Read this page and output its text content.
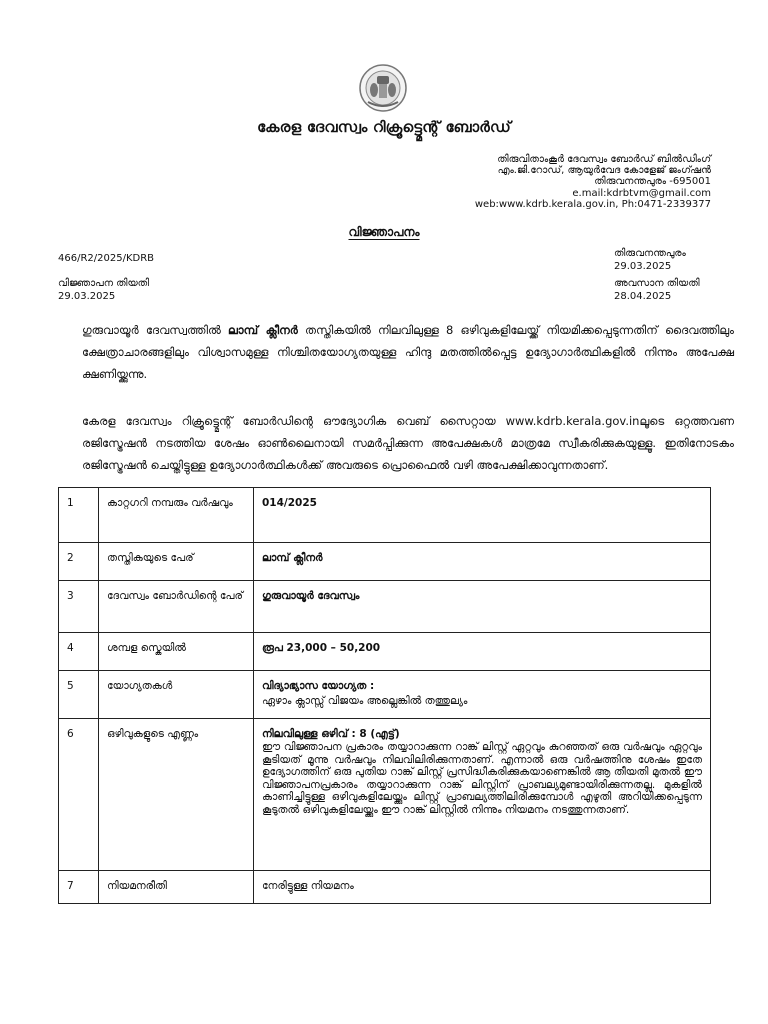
കേരള ദേവസ്വം റിക്രൂട്ട്മെന്റ് ബോർഡ്
തിരുവിതാംകൂർ ദേവസ്വം ബോർഡ് ബിൽഡിംഗ്
എം.ജി.റോഡ്, ആയുർവേദ കോളേജ് ജംഗ്ഷൻ
തിരുവനന്തപുരം -695001
e.mail:kdrbtvm@gmail.com
web:www.kdrb.kerala.gov.in, Ph:0471-2339377
വിജ്ഞാപനം
466/R2/2025/KDRB
വിജ്ഞാപന തിയതി
29.03.2025
തിരുവനന്തപുരം
29.03.2025
അവസാന തിയതി
28.04.2025
ഗുരുവായൂർ ദേവസ്വത്തിൽ ലാമ്പ് ക്ലീനർ തസ്തികയിൽ നിലവിലുള്ള 8 ഒഴിവുകളിലേയ്ക്ക് നിയമിക്കപ്പെടുന്നതിന് ദൈവത്തിലും ക്ഷേത്രാചാരങ്ങളിലും വിശ്വാസമുള്ള നിശ്ചിതയോഗ്യതയുള്ള ഹിന്ദു മതത്തിൽപ്പെട്ട ഉദ്യോഗാർത്ഥികളിൽ നിന്നും അപേക്ഷ ക്ഷണിയ്ക്കുന്നു.
കേരള ദേവസ്വം റിക്രൂട്ട്മെന്റ് ബോർഡിന്റെ ഔദ്യോഗിക വെബ് സൈറ്റായ www.kdrb.kerala.gov.inലൂടെ ഒറ്റത്തവണ രജിസ്ട്രേഷൻ നടത്തിയ ശേഷം ഓൺലൈനായി സമർപ്പിക്കുന്ന അപേക്ഷകൾ മാത്രമേ സ്വീകരിക്കുകയുള്ളൂ. ഇതിനോടകം രജിസ്ട്രേഷൻ ചെയ്തിട്ടുള്ള ഉദ്യോഗാർത്ഥികൾക്ക് അവരുടെ പ്രൊഫൈൽ വഴി അപേക്ഷിക്കാവുന്നതാണ്.
1	കാറ്റഗറി നമ്പരും വർഷവും	014/2025
2	തസ്തികയുടെ പേര്	ലാമ്പ് ക്ലീനർ
3	ദേവസ്വം ബോർഡിന്റെ പേര്	ഗുരുവായൂർ ദേവസ്വം
4	ശമ്പള സ്കെയിൽ	രൂപ 23,000 – 50,200
5	യോഗ്യതകൾ	വിദ്യാഭ്യാസ യോഗ്യത :
ഏഴാം ക്ലാസ്സ് വിജയം അല്ലെങ്കിൽ തത്തുല്യം

6	ഒഴിവുകളുടെ എണ്ണം	നിലവിലുള്ള ഒഴിവ് : 8 (എട്ട്)
ഈ വിജ്ഞാപന പ്രകാരം തയ്യാറാക്കുന്ന റാങ്ക് ലിസ്റ്റ് ഏറ്റവും കുറഞ്ഞത് ഒരു വർഷവും ഏറ്റവും കൂടിയത് മൂന്നു വർഷവും നിലവിലിരിക്കുന്നതാണ്. എന്നാൽ ഒരു വർഷത്തിനു ശേഷം ഇതേ ഉദ്യോഗത്തിന് ഒരു പുതിയ റാങ്ക് ലിസ്റ്റ് പ്രസിദ്ധീകരിക്കുകയാണെങ്കിൽ ആ തീയതി മുതൽ ഈ വിജ്ഞാപനപ്രകാരം തയ്യാറാക്കുന്ന റാങ്ക് ലിസ്റ്റിന് പ്രാബല്യമുണ്ടായിരിക്കുന്നതല്ല. മുകളിൽ കാണിച്ചിട്ടുള്ള ഒഴിവുകളിലേയ്ക്കും ലിസ്റ്റ് പ്രാബല്യത്തിലിരിക്കുമ്പോൾ എഴുതി അറിയിക്കപ്പെടുന്ന കൂടുതൽ ഒഴിവുകളിലേയ്ക്കും ഈ റാങ്ക് ലിസ്റ്റിൽ നിന്നും നിയമനം നടത്തുന്നതാണ്.

7	നിയമനരീതി	നേരിട്ടുള്ള നിയമനം
